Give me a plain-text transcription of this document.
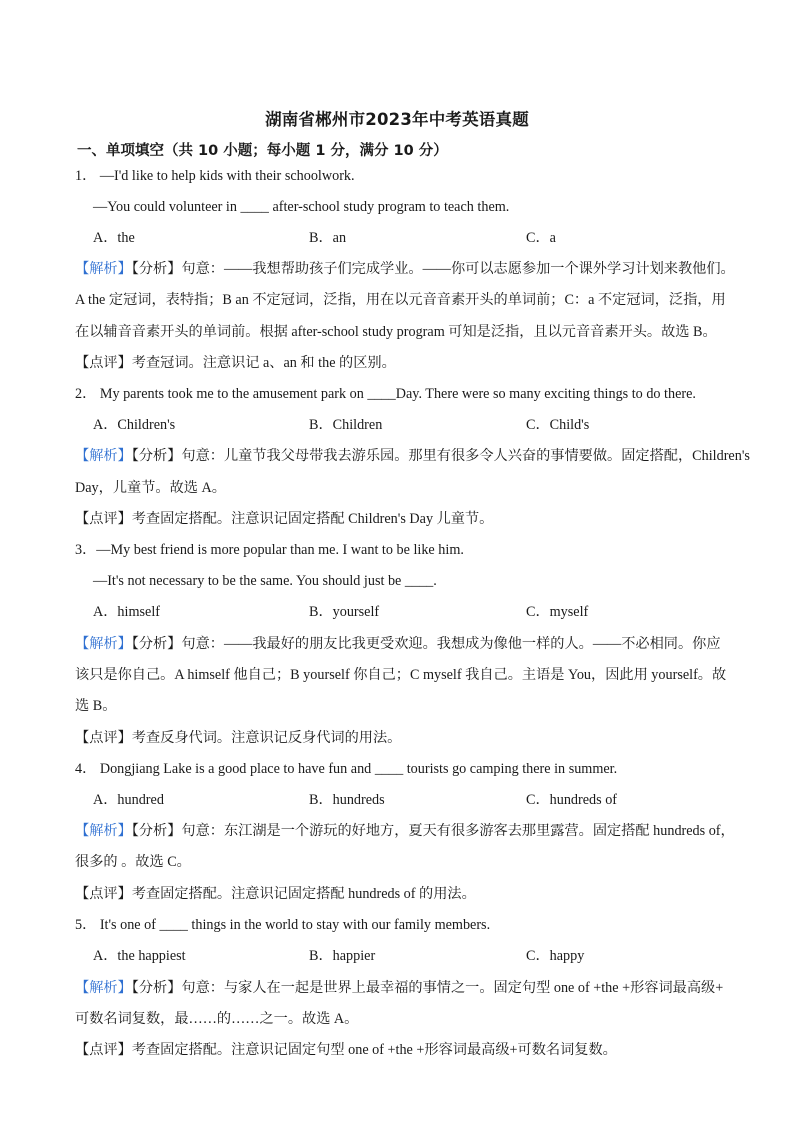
湖南省郴州市2023年中考英语真题
一、单项填空（共 10 小题；每小题 1 分，满分 10 分）
1． —I'd like to help kids with their schoolwork.
—You could volunteer in ____ after-school study program to teach them.
A．the	B．an	C．a
【解析】【分析】句意：——我想帮助孩子们完成学业。——你可以志愿参加一个课外学习计划来教他们。
A the 定冠词，表特指；B an 不定冠词，泛指，用在以元音音素开头的单词前；C：a 不定冠词，泛指，用
在以辅音音素开头的单词前。根据 after-school study program 可知是泛指，且以元音音素开头。故选 B。
【点评】考查冠词。注意识记 a、an 和 the 的区别。
2． My parents took me to the amusement park on ____Day. There were so many exciting things to do there.
A．Children's	B．Children	C．Child's
【解析】【分析】句意：儿童节我父母带我去游乐园。那里有很多令人兴奋的事情要做。固定搭配，Children's
Day，儿童节。故选 A。
【点评】考查固定搭配。注意识记固定搭配 Children's Day 儿童节。
3．—My best friend is more popular than me. I want to be like him.
—It's not necessary to be the same. You should just be ____.
A．himself	B．yourself	C．myself
【解析】【分析】句意：——我最好的朋友比我更受欢迎。我想成为像他一样的人。——不必相同。你应
该只是你自己。A himself 他自己；B yourself 你自己；C myself 我自己。主语是 You，因此用 yourself。故
选 B。
【点评】考查反身代词。注意识记反身代词的用法。
4． Dongjiang Lake is a good place to have fun and ____ tourists go camping there in summer.
A．hundred	B．hundreds	C．hundreds of
【解析】【分析】句意：东江湖是一个游玩的好地方，夏天有很多游客去那里露营。固定搭配 hundreds of，
很多的 。故选 C。
【点评】考查固定搭配。注意识记固定搭配 hundreds of 的用法。
5． It's one of ____ things in the world to stay with our family members.
A．the happiest	B．happier	C．happy
【解析】【分析】句意：与家人在一起是世界上最幸福的事情之一。固定句型 one of +the +形容词最高级+
可数名词复数，最……的……之一。故选 A。
【点评】考查固定搭配。注意识记固定句型 one of +the +形容词最高级+可数名词复数。
